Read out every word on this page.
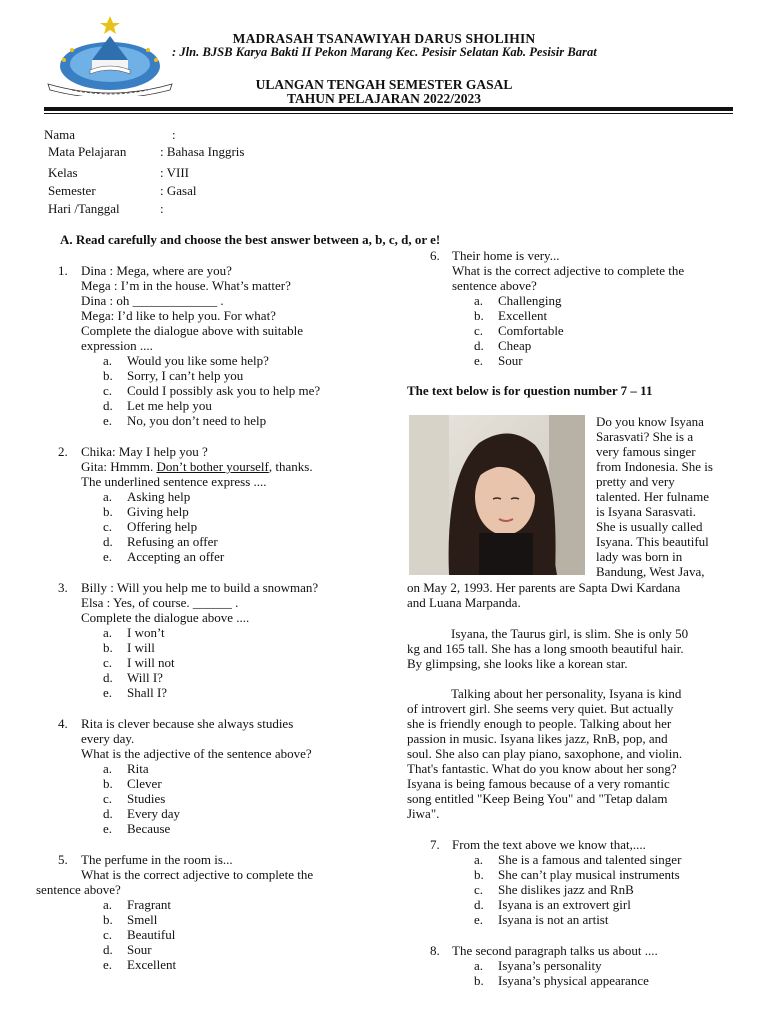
MADRASAH TSANAWIYAH DARUS SHOLIHIN
: Jln. BJSB Karya Bakti II Pekon Marang Kec. Pesisir Selatan Kab. Pesisir Barat
ULANGAN TENGAH SEMESTER GASAL
TAHUN PELAJARAN 2022/2023
Nama	:
Mata Pelajaran	: Bahasa Inggris
Kelas	: VIII
Semester	: Gasal
Hari /Tanggal	:
A. Read carefully and choose the best answer between a, b, c, d, or e!
1. Dina : Mega, where are you?
Mega : I’m in the house. What’s matter?
Dina : oh _____________ .
Mega: I’d like to help you. For what?
Complete the dialogue above with suitable
expression ....
a. Would you like some help?
b. Sorry, I can’t help you
c. Could I possibly ask you to help me?
d. Let me help you
e. No, you don’t need to help
2. Chika: May I help you ?
Gita: Hmmm. Don’t bother yourself, thanks.
The underlined sentence express ....
a. Asking help
b. Giving help
c. Offering help
d. Refusing an offer
e. Accepting an offer
3. Billy : Will you help me to build a snowman?
Elsa : Yes, of course. ______ .
Complete the dialogue above ....
a. I won’t
b. I will
c. I will not
d. Will I?
e. Shall I?
4. Rita is clever because she always studies
every day.
What is the adjective of the sentence above?
a. Rita
b. Clever
c. Studies
d. Every day
e. Because
5. The perfume in the room is...
What is the correct adjective to complete the
sentence above?
a. Fragrant
b. Smell
c. Beautiful
d. Sour
e. Excellent
6. Their home is very...
What is the correct adjective to complete the
sentence above?
a. Challenging
b. Excellent
c. Comfortable
d. Cheap
e. Sour
The text below is for question number 7 – 11
Do you know Isyana
Sarasvati? She is a
very famous singer
from Indonesia. She is
pretty and very
talented. Her fulname
is Isyana Sarasvati.
She is usually called
Isyana. This beautiful
lady was born in
Bandung, West Java,
on May 2, 1993. Her parents are Sapta Dwi Kardana
and Luana Marpanda.
Isyana, the Taurus girl, is slim. She is only 50
kg and 165 tall. She has a long smooth beautiful hair.
By glimpsing, she looks like a korean star.
Talking about her personality, Isyana is kind
of introvert girl. She seems very quiet. But actually
she is friendly enough to people. Talking about her
passion in music. Isyana likes jazz, RnB, pop, and
soul. She also can play piano, saxophone, and violin.
That's fantastic. What do you know about her song?
Isyana is being famous because of a very romantic
song entitled "Keep Being You" and "Tetap dalam
Jiwa".
7. From the text above we know that,....
a. She is a famous and talented singer
b. She can’t play musical instruments
c. She dislikes jazz and RnB
d. Isyana is an extrovert girl
e. Isyana is not an artist
8. The second paragraph talks us about ....
a. Isyana’s personality
b. Isyana’s physical appearance
